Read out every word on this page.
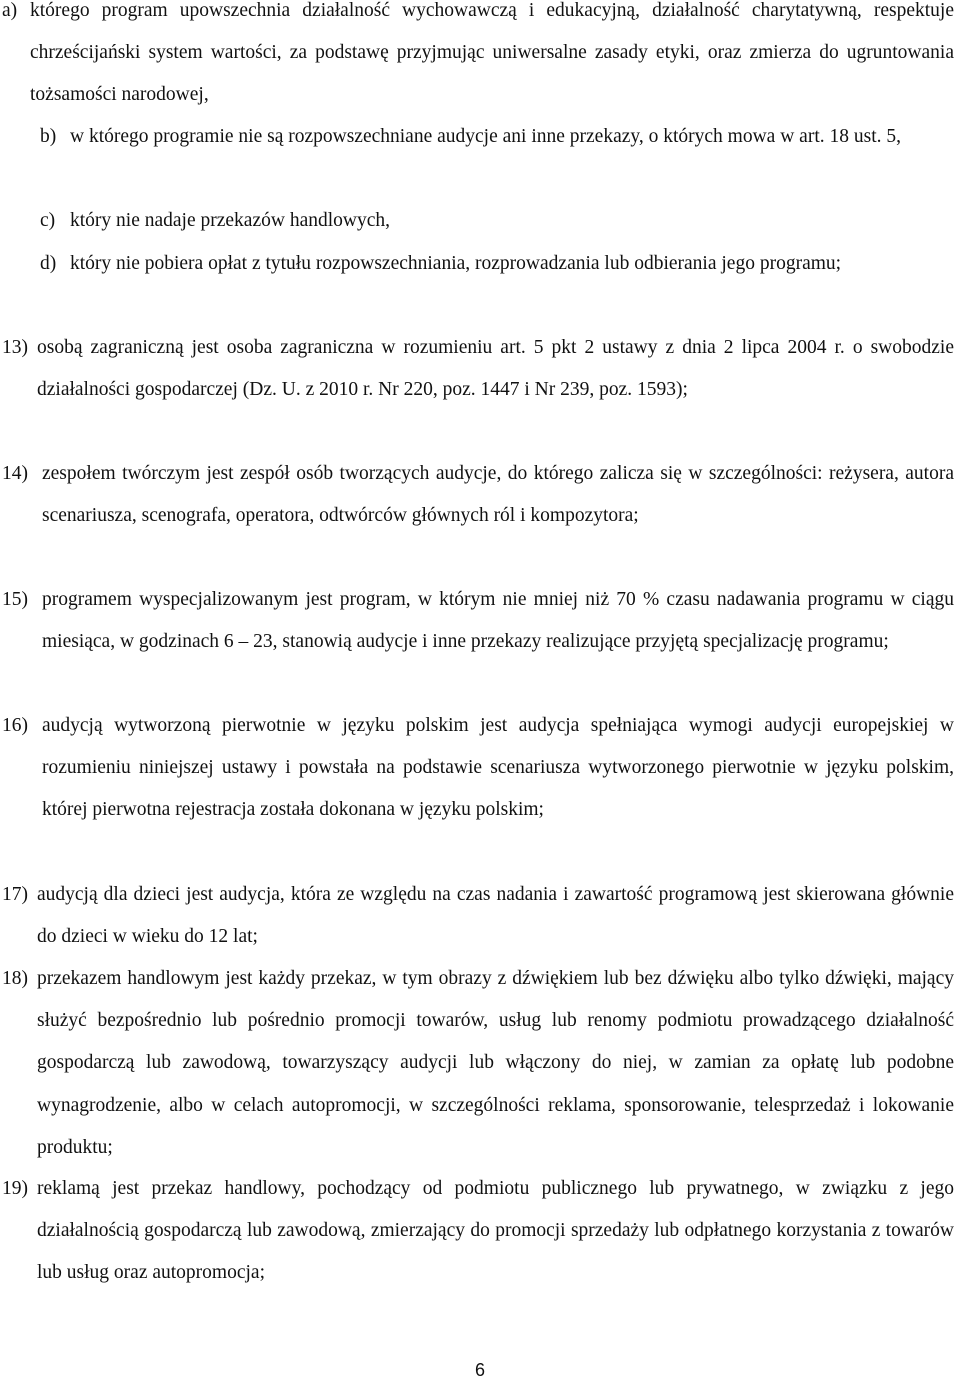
a) którego program upowszechnia działalność wychowawczą i edukacyjną, działalność charytatywną, respektuje chrześcijański system wartości, za podstawę przyjmując uniwersalne zasady etyki, oraz zmierza do ugruntowania tożsamości narodowej,
b) w którego programie nie są rozpowszechniane audycje ani inne przekazy, o których mowa w art. 18 ust. 5,
c) który nie nadaje przekazów handlowych,
d) który nie pobiera opłat z tytułu rozpowszechniania, rozprowadzania lub odbierania jego programu;
13) osobą zagraniczną jest osoba zagraniczna w rozumieniu art. 5 pkt 2 ustawy z dnia 2 lipca 2004 r. o swobodzie działalności gospodarczej (Dz. U. z 2010 r. Nr 220, poz. 1447 i Nr 239, poz. 1593);
14) zespołem twórczym jest zespół osób tworzących audycje, do którego zalicza się w szczególności: reżysera, autora scenariusza, scenografa, operatora, odtwórców głównych ról i kompozytora;
15) programem wyspecjalizowanym jest program, w którym nie mniej niż 70 % czasu nadawania programu w ciągu miesiąca, w godzinach 6 – 23, stanowią audycje i inne przekazy realizujące przyjętą specjalizację programu;
16) audycją wytworzoną pierwotnie w języku polskim jest audycja spełniająca wymogi audycji europejskiej w rozumieniu niniejszej ustawy i powstała na podstawie scenariusza wytworzonego pierwotnie w języku polskim, której pierwotna rejestracja została dokonana w języku polskim;
17) audycją dla dzieci jest audycja, która ze względu na czas nadania i zawartość programową jest skierowana głównie do dzieci w wieku do 12 lat;
18) przekazem handlowym jest każdy przekaz, w tym obrazy z dźwiękiem lub bez dźwięku albo tylko dźwięki, mający służyć bezpośrednio lub pośrednio promocji towarów, usług lub renomy podmiotu prowadzącego działalność gospodarczą lub zawodową, towarzyszący audycji lub włączony do niej, w zamian za opłatę lub podobne wynagrodzenie, albo w celach autopromocji, w szczególności reklama, sponsorowanie, telesprzedaż i lokowanie produktu;
19) reklamą jest przekaz handlowy, pochodzący od podmiotu publicznego lub prywatnego, w związku z jego działalnością gospodarczą lub zawodową, zmierzający do promocji sprzedaży lub odpłatnego korzystania z towarów lub usług oraz autopromocja;
6
